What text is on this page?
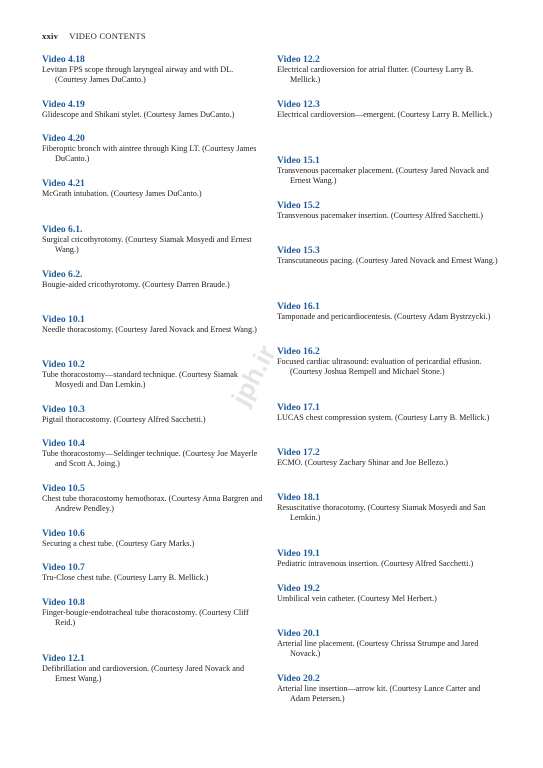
xxiv VIDEO CONTENTS
Video 4.18
Levitan FPS scope through laryngeal airway and with DL. (Courtesy James DuCanto.)
Video 4.19
Glidescope and Shikani stylet. (Courtesy James DuCanto.)
Video 4.20
Fiberoptic bronch with aintree through King LT. (Courtesy James DuCanto.)
Video 4.21
McGrath intubation. (Courtesy James DuCanto.)
Video 6.1.
Surgical cricothyrotomy. (Courtesy Siamak Mosyedi and Ernest Wang.)
Video 6.2.
Bougie-aided cricothyrotomy. (Courtesy Darren Braude.)
Video 10.1
Needle thoracostomy. (Courtesy Jared Novack and Ernest Wang.)
Video 10.2
Tube thoracostomy—standard technique. (Courtesy Siamak Mosyedi and Dan Lemkin.)
Video 10.3
Pigtail thoracostomy. (Courtesy Alfred Sacchetti.)
Video 10.4
Tube thoracostomy—Seldinger technique. (Courtesy Joe Mayerle and Scott A. Joing.)
Video 10.5
Chest tube thoracostomy hemothorax. (Courtesy Anna Bargren and Andrew Pendley.)
Video 10.6
Securing a chest tube. (Courtesy Gary Marks.)
Video 10.7
Tru-Close chest tube. (Courtesy Larry B. Mellick.)
Video 10.8
Finger-bougie-endotracheal tube thoracostomy. (Courtesy Cliff Reid.)
Video 12.1
Defibrillation and cardioversion. (Courtesy Jared Novack and Ernest Wang.)
Video 12.2
Electrical cardioversion for atrial flutter. (Courtesy Larry B. Mellick.)
Video 12.3
Electrical cardioversion—emergent. (Courtesy Larry B. Mellick.)
Video 15.1
Transvenous pacemaker placement. (Courtesy Jared Novack and Ernest Wang.)
Video 15.2
Transvenous pacemaker insertion. (Courtesy Alfred Sacchetti.)
Video 15.3
Transcutaneous pacing. (Courtesy Jared Novack and Ernest Wang.)
Video 16.1
Tamponade and pericardiocentesis. (Courtesy Adam Bystrzycki.)
Video 16.2
Focused cardiac ultrasound: evaluation of pericardial effusion. (Courtesy Joshua Rempell and Michael Stone.)
Video 17.1
LUCAS chest compression system. (Courtesy Larry B. Mellick.)
Video 17.2
ECMO. (Courtesy Zachary Shinar and Joe Bellezo.)
Video 18.1
Resuscitative thoracotomy. (Courtesy Siamak Mosyedi and San Lemkin.)
Video 19.1
Pediatric intravenous insertion. (Courtesy Alfred Sacchetti.)
Video 19.2
Umbilical vein catheter. (Courtesy Mel Herbert.)
Video 20.1
Arterial line placement. (Courtesy Chrissa Strumpe and Jared Novack.)
Video 20.2
Arterial line insertion—arrow kit. (Courtesy Lance Carter and Adam Petersen.)
jph.ir
